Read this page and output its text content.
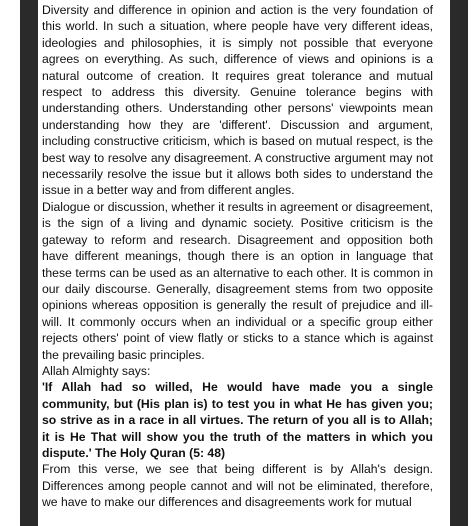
Diversity and difference in opinion and action is the very foundation of this world. In such a situation, where people have very different ideas, ideologies and philosophies, it is simply not possible that everyone agrees on everything. As such, difference of views and opinions is a natural outcome of creation. It requires great tolerance and mutual respect to address this diversity. Genuine tolerance begins with understanding others. Understanding other persons' viewpoints mean understanding how they are 'different'. Discussion and argument, including constructive criticism, which is based on mutual respect, is the best way to resolve any disagreement. A constructive argument may not necessarily resolve the issue but it allows both sides to understand the issue in a better way and from different angles.

Dialogue or discussion, whether it results in agreement or disagreement, is the sign of a living and dynamic society. Positive criticism is the gateway to reform and research. Disagreement and opposition both have different meanings, though there is an option in language that these terms can be used as an alternative to each other. It is common in our daily discourse. Generally, disagreement stems from two opposite opinions whereas opposition is generally the result of prejudice and ill-will. It commonly occurs when an individual or a specific group either rejects others' point of view flatly or sticks to a stance which is against the prevailing basic principles.

Allah Almighty says:

'If Allah had so willed, He would have made you a single community, but (His plan is) to test you in what He has given you; so strive as in a race in all virtues. The return of you all is to Allah; it is He That will show you the truth of the matters in which you dispute.' The Holy Quran (5: 48)

From this verse, we see that being different is by Allah's design. Differences among people cannot and will not be eliminated, therefore, we have to make our differences and disagreements work for mutual
